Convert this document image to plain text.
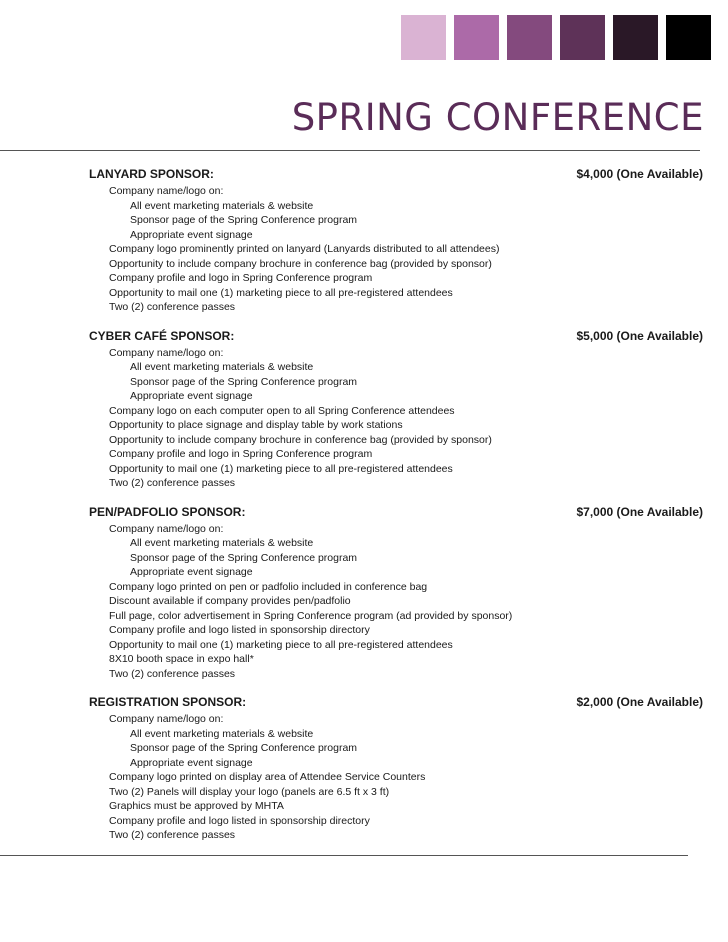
SPRING CONFERENCE
LANYARD SPONSOR:	$4,000 (One Available)
Company name/logo on:
All event marketing materials & website
Sponsor page of the Spring Conference program
Appropriate event signage
Company logo prominently printed on lanyard (Lanyards distributed to all attendees)
Opportunity to include company brochure in conference bag (provided by sponsor)
Company profile and logo in Spring Conference program
Opportunity to mail one (1) marketing piece to all pre-registered attendees
Two (2) conference passes
CYBER CAFÉ SPONSOR:	$5,000 (One Available)
Company name/logo on:
All event marketing materials & website
Sponsor page of the Spring Conference program
Appropriate event signage
Company logo on each computer open to all Spring Conference attendees
Opportunity to place signage and display table by work stations
Opportunity to include company brochure in conference bag (provided by sponsor)
Company profile and logo in Spring Conference program
Opportunity to mail one (1) marketing piece to all pre-registered attendees
Two (2) conference passes
PEN/PADFOLIO SPONSOR:	$7,000 (One Available)
Company name/logo on:
All event marketing materials & website
Sponsor page of the Spring Conference program
Appropriate event signage
Company logo printed on pen or padfolio included in conference bag
Discount available if company provides pen/padfolio
Full page, color advertisement in Spring Conference program (ad provided by sponsor)
Company profile and logo listed in sponsorship directory
Opportunity to mail one (1) marketing piece to all pre-registered attendees
8X10 booth space in expo hall*
Two (2) conference passes
REGISTRATION SPONSOR:	$2,000 (One Available)
Company name/logo on:
All event marketing materials & website
Sponsor page of the Spring Conference program
Appropriate event signage
Company logo printed on display area of Attendee Service Counters
Two (2) Panels will display your logo (panels are 6.5 ft x 3 ft)
Graphics must be approved by MHTA
Company profile and logo listed in sponsorship directory
Two (2) conference passes
